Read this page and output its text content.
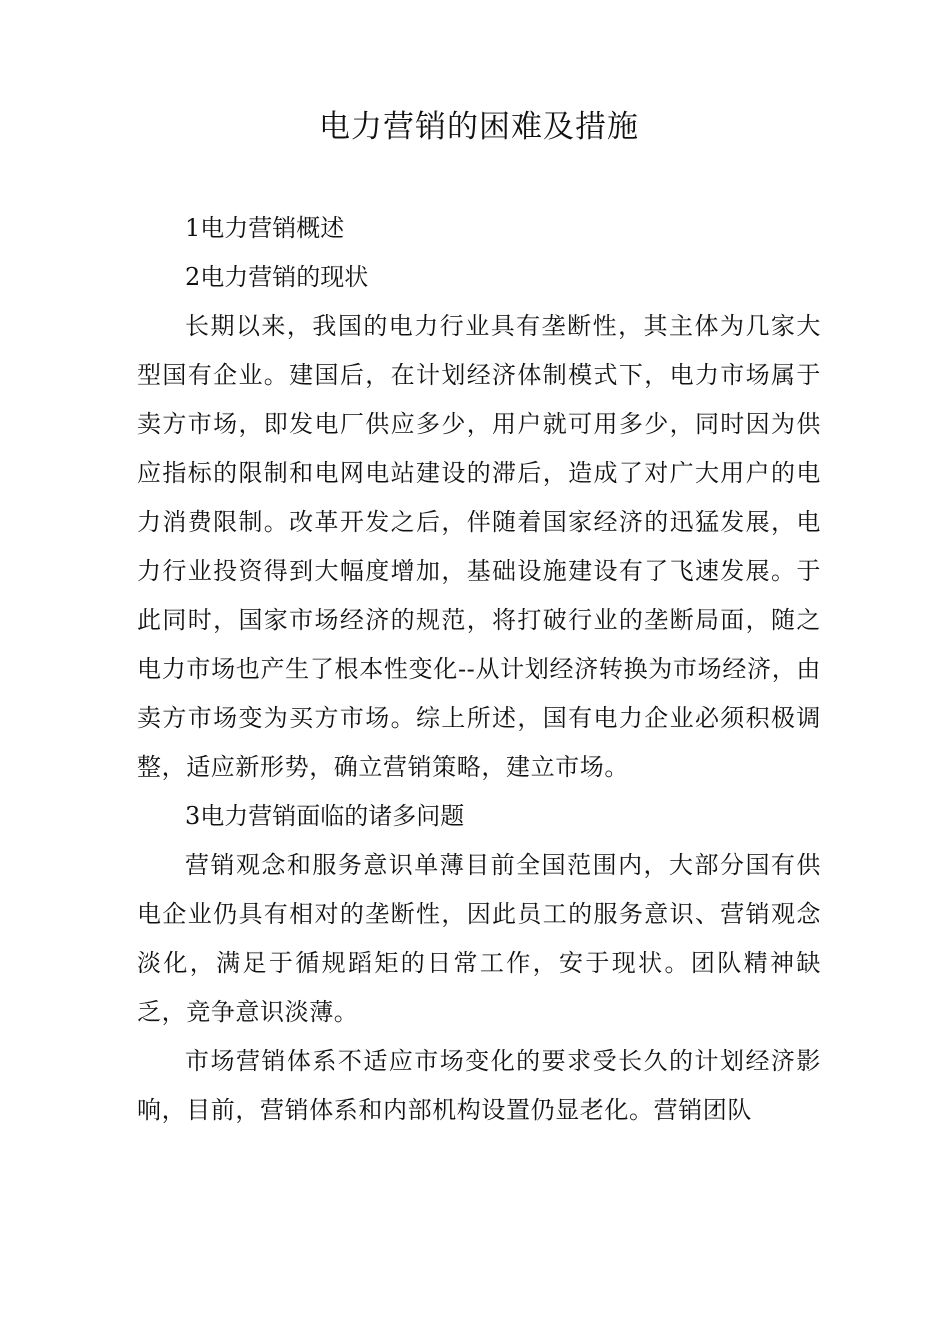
电力营销的困难及措施

1电力营销概述

2电力营销的现状

长期以来，我国的电力行业具有垄断性，其主体为几家大型国有企业。建国后，在计划经济体制模式下，电力市场属于卖方市场，即发电厂供应多少，用户就可用多少，同时因为供应指标的限制和电网电站建设的滞后，造成了对广大用户的电力消费限制。改革开发之后，伴随着国家经济的迅猛发展，电力行业投资得到大幅度增加，基础设施建设有了飞速发展。于此同时，国家市场经济的规范，将打破行业的垄断局面，随之电力市场也产生了根本性变化--从计划经济转换为市场经济，由卖方市场变为买方市场。综上所述，国有电力企业必须积极调整，适应新形势，确立营销策略，建立市场。

3电力营销面临的诸多问题

营销观念和服务意识单薄目前全国范围内，大部分国有供电企业仍具有相对的垄断性，因此员工的服务意识、营销观念淡化，满足于循规蹈矩的日常工作，安于现状。团队精神缺乏，竞争意识淡薄。

市场营销体系不适应市场变化的要求受长久的计划经济影响，目前，营销体系和内部机构设置仍显老化。营销团队
